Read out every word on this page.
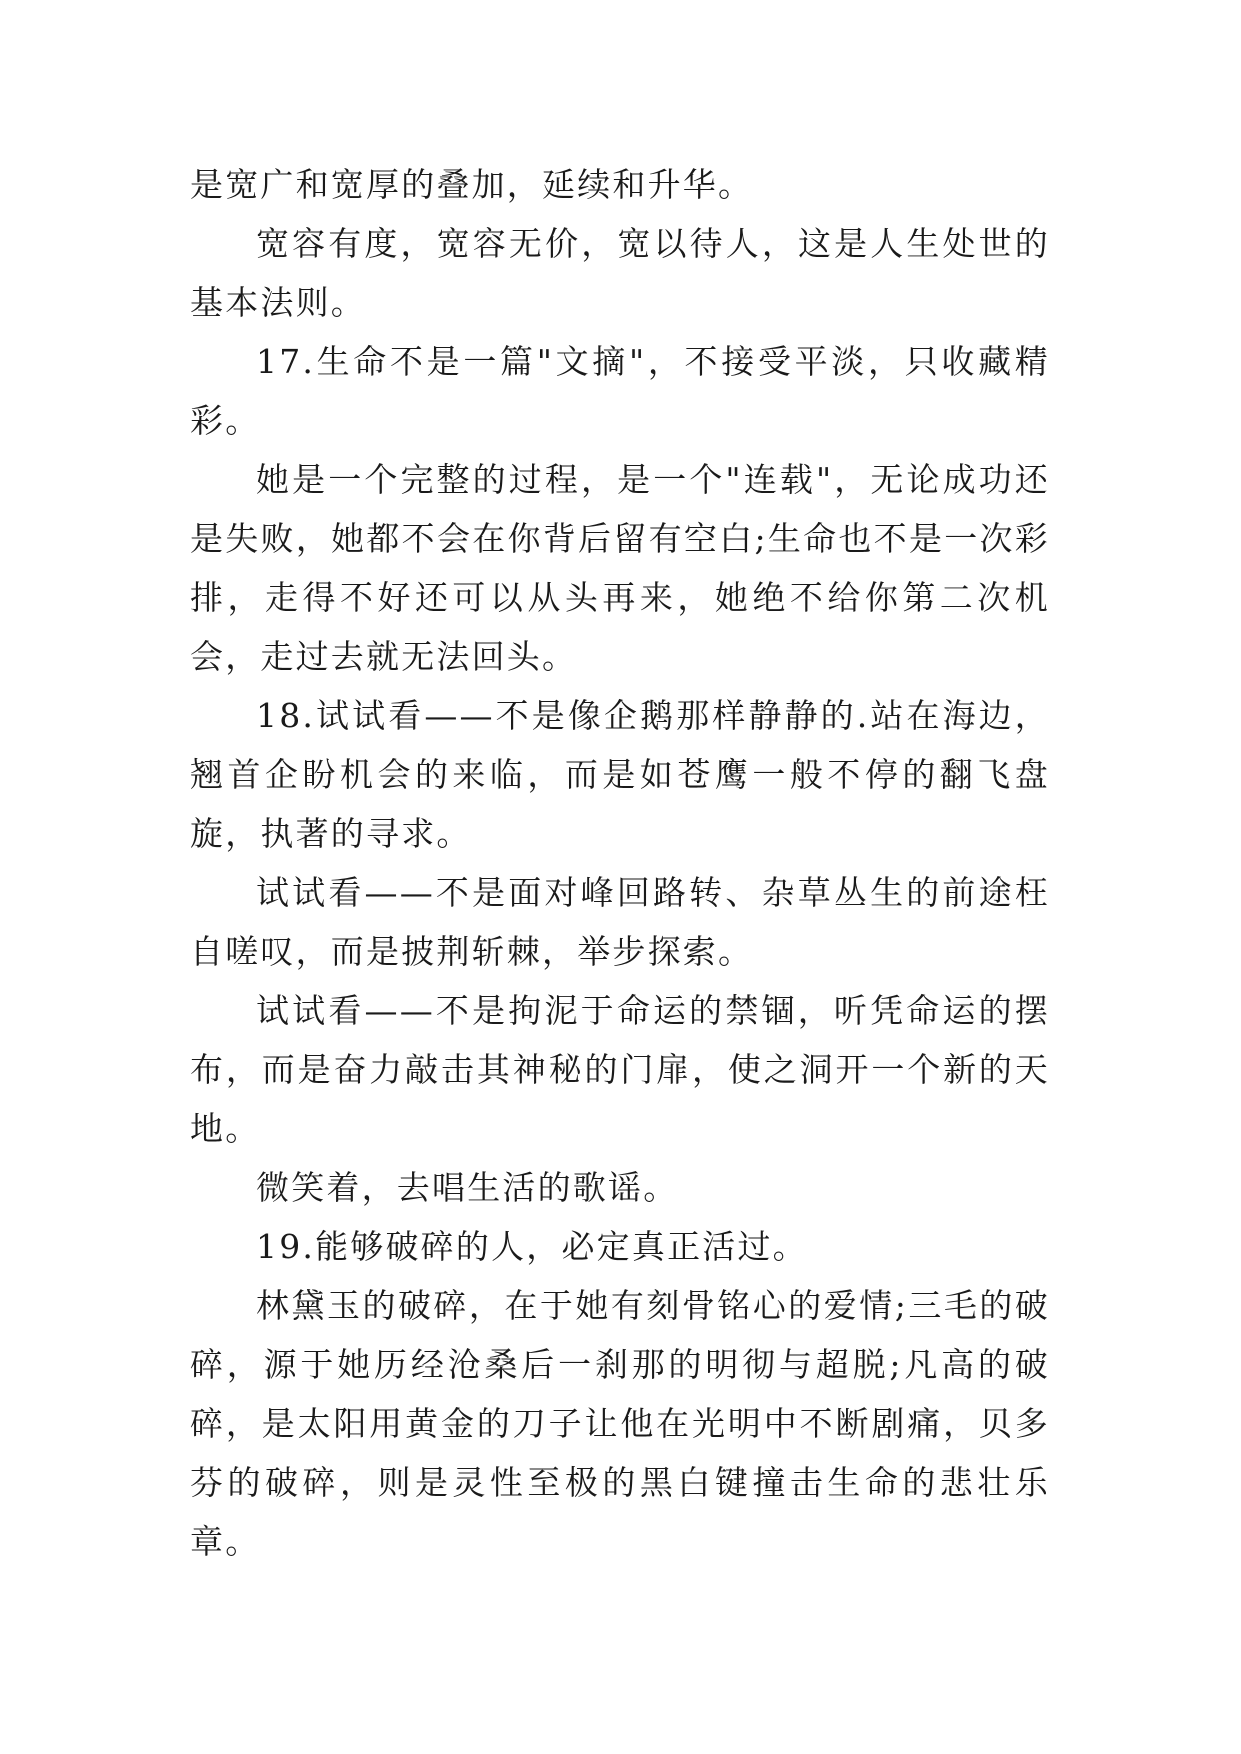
是宽广和宽厚的叠加，延续和升华。

宽容有度，宽容无价，宽以待人，这是人生处世的基本法则。

17.生命不是一篇"文摘"，不接受平淡，只收藏精彩。

她是一个完整的过程，是一个"连载"，无论成功还是失败，她都不会在你背后留有空白;生命也不是一次彩排，走得不好还可以从头再来，她绝不给你第二次机会，走过去就无法回头。

18.试试看——不是像企鹅那样静静的.站在海边，翘首企盼机会的来临，而是如苍鹰一般不停的翻飞盘旋，执著的寻求。

试试看——不是面对峰回路转、杂草丛生的前途枉自嗟叹，而是披荆斩棘，举步探索。

试试看——不是拘泥于命运的禁锢，听凭命运的摆布，而是奋力敲击其神秘的门扉，使之洞开一个新的天地。

微笑着，去唱生活的歌谣。

19.能够破碎的人，必定真正活过。

林黛玉的破碎，在于她有刻骨铭心的爱情;三毛的破碎，源于她历经沧桑后一刹那的明彻与超脱;凡高的破碎，是太阳用黄金的刀子让他在光明中不断剧痛，贝多芬的破碎，则是灵性至极的黑白键撞击生命的悲壮乐章。
